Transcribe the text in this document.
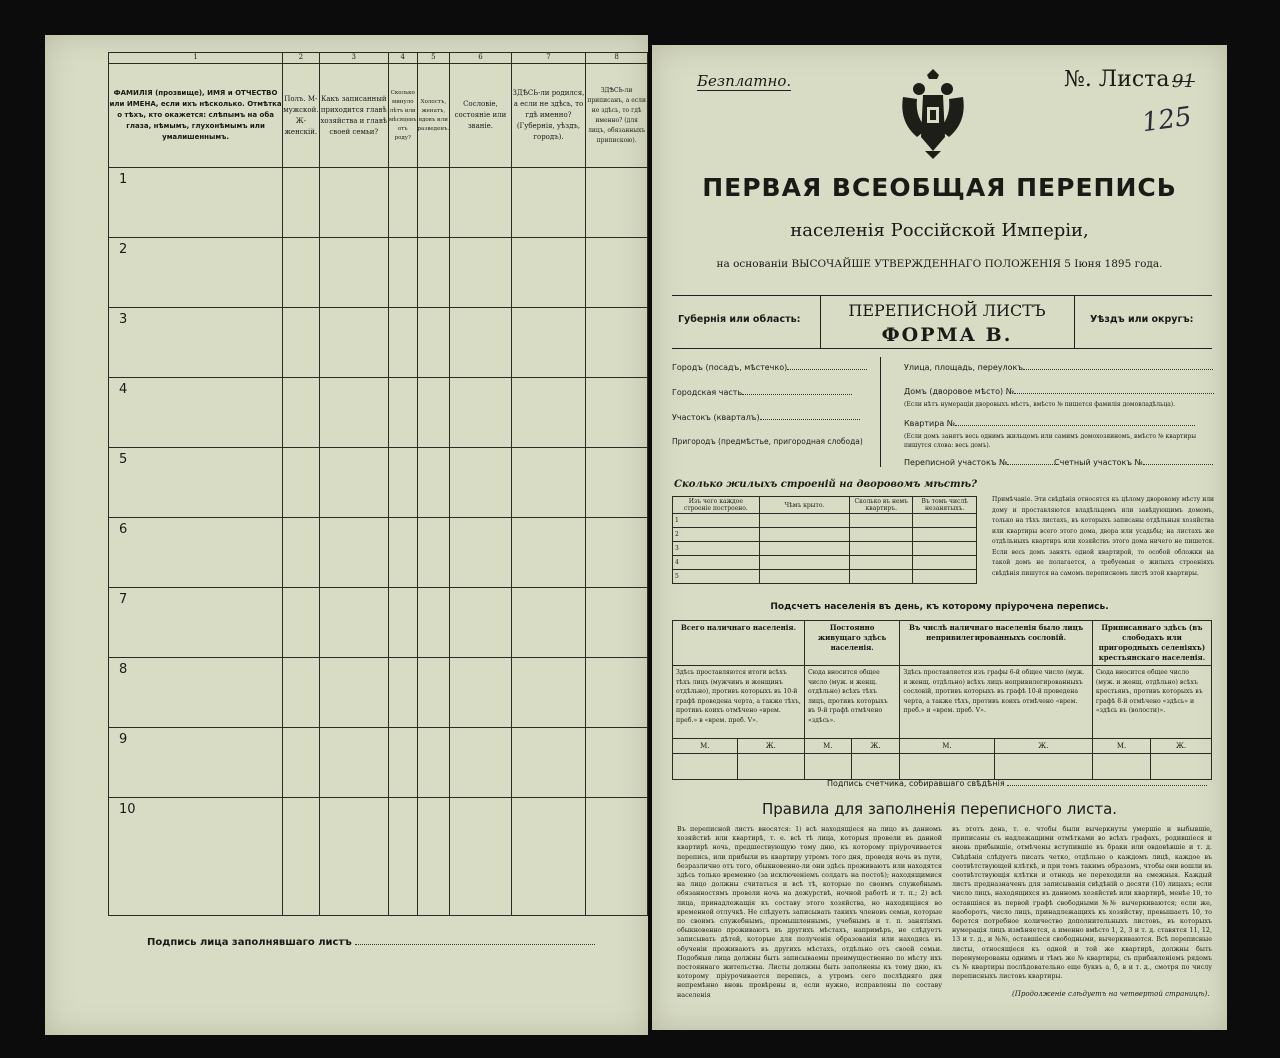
1	2	3	4	5	6	7	8
ФАМИЛІЯ (прозвище), ИМЯ и ОТЧЕСТВО или ИМЕНА, если ихъ нѣсколько. Отмѣтка о тѣхъ, кто окажется: слѣпымъ на оба глаза, нѣмымъ, глухонѣмымъ или умалишеннымъ.	Полъ. М-мужской. Ж-женскій.	Какъ записанный приходится главѣ хозяйства и главѣ своей семьи?	Сколько минуло лѣтъ или мѣсяцевъ отъ роду?	Холостъ, женатъ, вдовъ или разведенъ.	Сословіе, состояніе или званіе.	ЗДѢСЬ-ли родился, а если не здѣсь, то гдѣ именно? (Губернія, уѣздъ, городъ).	ЗДѢСЬ-ли приписанъ, а если не здѣсь, то гдѣ именно? (для лицъ, обязанныхъ припискою).
1							
2							
3							
4							
5							
6							
7							
8							
9							
10							
Подпись лица заполнявшаго листъ
Безплатно.	№. Листа 91
125
ПЕРВАЯ ВСЕОБЩАЯ ПЕРЕПИСЬ
населенія Россійской Имперіи,
на основаніи ВЫСОЧАЙШЕ УТВЕРЖДЕННАГО ПОЛОЖЕНІЯ 5 Іюня 1895 года.
Губернія или область:	ПЕРЕПИСНОЙ ЛИСТЪ
ФОРМА В.
Уѣздъ или округъ:
Городъ (посадъ, мѣстечко)
Городская часть
Участокъ (кварталъ)
Пригородъ (предмѣстье, пригородная слобода)
Улица, площадь, переулокъ
Домъ (дворовое мѣсто) №
(Если нѣтъ нумераціи дворовыхъ мѣстъ, вмѣсто № пишется фамилія домовладѣльца).
Квартира №
(Если домъ занятъ весь однимъ жильцомъ или самимъ домохозяиномъ, вмѣсто № квартиры пишутся слова: весь домъ).
Переписной участокъ №	Счетный участокъ №
Сколько жилыхъ строеній на дворовомъ мѣстѣ?
Изъ чего каждое строеніе построено.	Чѣмъ крыто.	Сколько въ немъ квартиръ.	Въ томъ числѣ незанятыхъ.
1			
2			
3			
4			
5			
Примѣчаніе. Эти свѣдѣнія относятся къ цѣлому дворовому мѣсту или дому и проставляются владѣльцемъ или завѣдующимъ домомъ, только на тѣхъ листахъ, въ которыхъ записаны отдѣльныя хозяйства или квартиры всего этого дома, двора или усадьбы; на листахъ же отдѣльныхъ квартиръ или хозяйствъ этого дома ничего не пишется. Если весь домъ занятъ одной квартирой, то особой обложки на такой домъ не полагается, а требуемыя о жилыхъ строеніяхъ свѣдѣнія пишутся на самомъ переписномъ листѣ этой квартиры.
Подсчетъ населенія въ день, къ которому пріурочена перепись.
Всего наличнаго населенія.		Постоянно живущаго здѣсь населенія.		Въ числѣ наличнаго населенія было лицъ непривилегированныхъ сословій.		Приписаннаго здѣсь (въ слободахъ или пригородныхъ селеніяхъ) крестьянскаго населенія.	
Здѣсь проставляются итоги всѣхъ тѣхъ лицъ (мужчинъ и женщинъ отдѣльно), противъ которыхъ въ 10-й графѣ проведена черта, а также тѣхъ, противъ коихъ отмѣчено «врем. преб.» в «врем. преб. V».		Сюда вносится общее число (муж. и женщ. отдѣльно) всѣхъ тѣхъ лицъ, противъ которыхъ въ 9-й графѣ отмѣчено «здѣсь».		Здѣсь проставляется изъ графы 6-й общее число (муж. и женщ. отдѣльно) всѣхъ лицъ непривилегированныхъ сословій, противъ которыхъ въ графѣ 10-й проведена черта, а также тѣхъ, противъ коихъ отмѣчено «врем. преб.» и «врем. преб. V».		Сюда вносится общее число (муж. и женщ. отдѣльно) всѣхъ крестьянъ, противъ которыхъ въ графѣ 8-й отмѣчено «здѣсь» и «здѣсь въ (волости)».	
М.	Ж.	М.	Ж.	М.	Ж.	М.	Ж.

Подпись счетчика, собиравшаго свѣдѣнія
Правила для заполненія переписного листа.
Въ переписной листъ вносятся: 1) всѣ находящіеся на лицо въ данномъ хозяйствѣ или квартирѣ, т. е. всѣ тѣ лица, которыя провели въ данной квартирѣ ночь, предшествующую тому дню, къ которому пріурочивается перепись, или прибыли въ квартиру утромъ того дня, проведя ночь въ пути, безразлично отъ того, обыкновенно-ли они здѣсь проживаютъ или находятся здѣсь только временно (за исключеніемъ солдатъ на постоѣ); находящимися на лицо должны считаться и всѣ тѣ, которые по своимъ служебнымъ обязанностямъ провели ночь на дежурствѣ, ночной работѣ и т. п.; 2) всѣ лица, принадлежащія къ составу этого хозяйства, но находящіяся во временной отлучкѣ. Не слѣдуетъ записывать такихъ членовъ семьи, которые по своимъ служебнымъ, промышленнымъ, учебнымъ и т. п. занятіямъ обыкновенно проживаютъ въ другихъ мѣстахъ, напримѣръ, не слѣдуетъ записывать дѣтей, которые для полученія образованія или находясь въ обученіи проживаютъ въ другихъ мѣстахъ, отдѣльно отъ своей семьи. Подобныя лица должны быть записываемы преимущественно по мѣсту ихъ постояннаго жительства. Листы должны быть заполнены къ тому дню, къ которому пріурочивается перепись, а утромъ сего послѣдняго дня непремѣнно вновь провѣрены и, если нужно, исправлены по составу населенія
въ этотъ день, т. е. чтобы были вычеркнуты умершіе и выбывшіе, приписаны съ надлежащими отмѣтками во всѣхъ графахъ, родившіеся и вновь прибывшіе, отмѣчены вступившіе въ браки или овдовѣвшіе и т. д. Свѣдѣнія слѣдуетъ писать четко, отдѣльно о каждомъ лицѣ, каждое въ соотвѣтствующей клѣткѣ, и при томъ такимъ образомъ, чтобы они вошли въ соотвѣтствующія клѣтки и отнюдь не переходили на смежныя. Каждый листъ предназначенъ для записыванія свѣдѣній о десяти (10) лицахъ; если число лицъ, находящихся въ данномъ хозяйствѣ или квартирѣ, менѣе 10, то оставшіяся въ первой графѣ свободными №№ вычеркиваются; если же, наоборотъ, число лицъ, принадлежащихъ къ хозяйству, превышаетъ 10, то берется потребное количество дополнительныхъ листовъ, въ которыхъ нумерація лицъ измѣняется, а именно вмѣсто 1, 2, 3 и т. д. ставятся 11, 12, 13 и т. д., и №№, оставшіеся свободными, вычеркиваются. Всѣ переписные листы, относящіеся къ одной и той же квартирѣ, должны быть перенумерованы однимъ и тѣмъ же № квартиры, съ прибавленіемъ рядомъ съ № квартиры послѣдовательно еще буквъ а, б, в и т. д., смотря по числу переписныхъ листовъ квартиры.
(Продолженіе слѣдуетъ на четвертой страницѣ).
